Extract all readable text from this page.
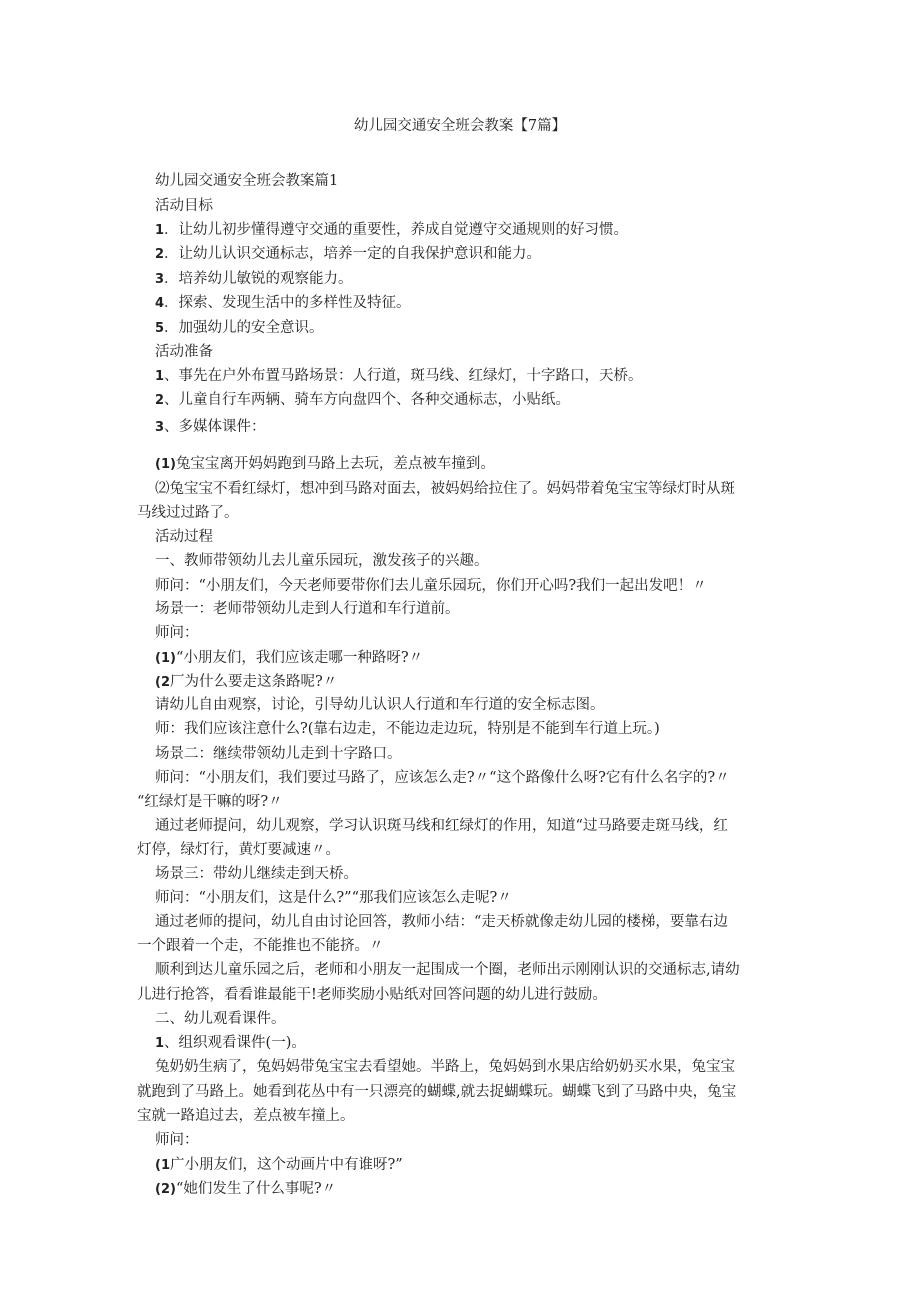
幼儿园交通安全班会教案【7篇】
幼儿园交通安全班会教案篇1
活动目标
1．让幼儿初步懂得遵守交通的重要性，养成自觉遵守交通规则的好习惯。
2．让幼儿认识交通标志，培养一定的自我保护意识和能力。
3．培养幼儿敏锐的观察能力。
4．探索、发现生活中的多样性及特征。
5．加强幼儿的安全意识。
活动准备
1、事先在户外布置马路场景：人行道，斑马线、红绿灯，十字路口，天桥。
2、儿童自行车两辆、骑车方向盘四个、各种交通标志，小贴纸。
3、多媒体课件：
(1)兔宝宝离开妈妈跑到马路上去玩，差点被车撞到。
⑵兔宝宝不看红绿灯，想冲到马路对面去，被妈妈给拉住了。妈妈带着兔宝宝等绿灯时从斑
马线过过路了。
活动过程
一、教师带领幼儿去儿童乐园玩，激发孩子的兴趣。
师问：“小朋友们，今天老师要带你们去儿童乐园玩，你们开心吗?我们一起出发吧！〃
场景一：老师带领幼儿走到人行道和车行道前。
师问：
(1)“小朋友们，我们应该走哪一种路呀?〃
(2厂为什么要走这条路呢?〃
请幼儿自由观察，讨论，引导幼儿认识人行道和车行道的安全标志图。
师：我们应该注意什么?(靠右边走，不能边走边玩，特别是不能到车行道上玩。)
场景二：继续带领幼儿走到十字路口。
师问：“小朋友们，我们要过马路了，应该怎么走?〃“这个路像什么呀?它有什么名字的?〃
“红绿灯是干嘛的呀?〃
通过老师提问，幼儿观察，学习认识斑马线和红绿灯的作用，知道“过马路要走斑马线，红
灯停，绿灯行，黄灯要减速〃。
场景三：带幼儿继续走到天桥。
师问：“小朋友们，这是什么?”“那我们应该怎么走呢?〃
通过老师的提问，幼儿自由讨论回答，教师小结：“走天桥就像走幼儿园的楼梯，要靠右边
一个跟着一个走，不能推也不能挤。〃
顺利到达儿童乐园之后，老师和小朋友一起围成一个圈，老师出示刚刚认识的交通标志,请幼
儿进行抢答，看看谁最能干!老师奖励小贴纸对回答问题的幼儿进行鼓励。
二、幼儿观看课件。
1、组织观看课件(一)。
兔奶奶生病了，兔妈妈带兔宝宝去看望她。半路上，兔妈妈到水果店给奶奶买水果，兔宝宝
就跑到了马路上。她看到花丛中有一只漂亮的蝴蝶,就去捉蝴蝶玩。蝴蝶飞到了马路中央，兔宝
宝就一路追过去，差点被车撞上。
师问：
(1广小朋友们，这个动画片中有谁呀?”
(2)“她们发生了什么事呢?〃
